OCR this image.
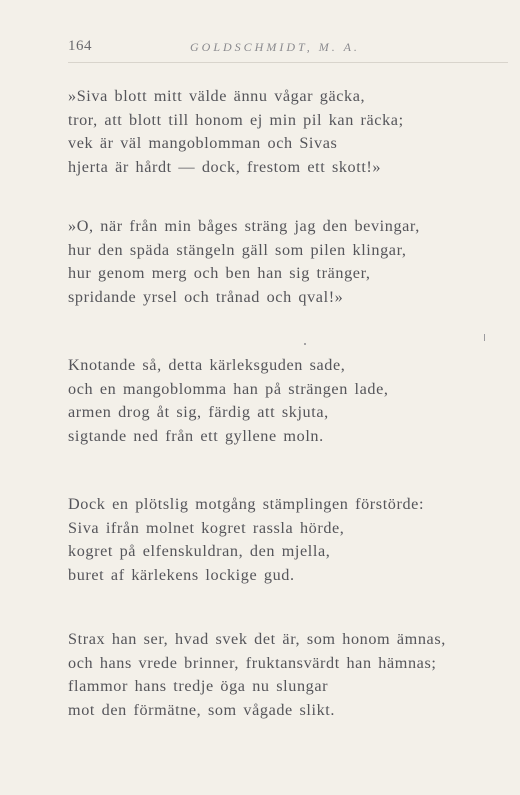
164	GOLDSCHMIDT, M. A.
»Siva blott mitt välde ännu vågar gäcka,
tror, att blott till honom ej min pil kan räcka;
vek är väl mangoblomman och Sivas
hjerta är hårdt — dock, frestom ett skott!»
»O, när från min båges sträng jag den bevingar,
hur den späda stängeln gäll som pilen klingar,
hur genom merg och ben han sig tränger,
spridande yrsel och trånad och qval!»
Knotande så, detta kärleksguden sade,
och en mangoblomma han på strängen lade,
armen drog åt sig, färdig att skjuta,
sigtande ned från ett gyllene moln.
Dock en plötslig motgång stämplingen förstörde:
Siva ifrån molnet kogret rassla hörde,
kogret på elfenskuldran, den mjella,
buret af kärlekens lockige gud.
Strax han ser, hvad svek det är, som honom ämnas,
och hans vrede brinner, fruktansvärdt han hämnas;
flammor hans tredje öga nu slungar
mot den förmätne, som vågade slikt.
